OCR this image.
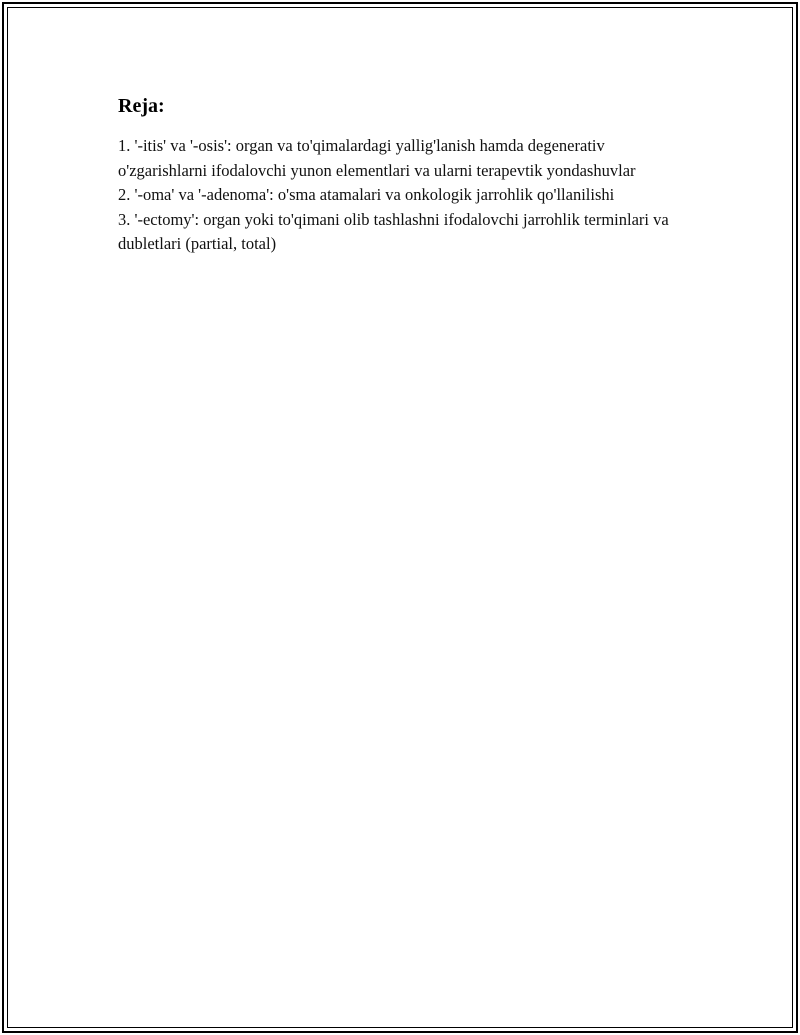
Reja:

1. '-itis' va '-osis': organ va to'qimalardagi yallig'lanish hamda degenerativ o'zgarishlarni ifodalovchi yunon elementlari va ularni terapevtik yondashuvlar

2. '-oma' va '-adenoma': o'sma atamalari va onkologik jarrohlik qo'llanilishi

3. '-ectomy': organ yoki to'qimani olib tashlashni ifodalovchi jarrohlik terminlari va dubletlari (partial, total)
